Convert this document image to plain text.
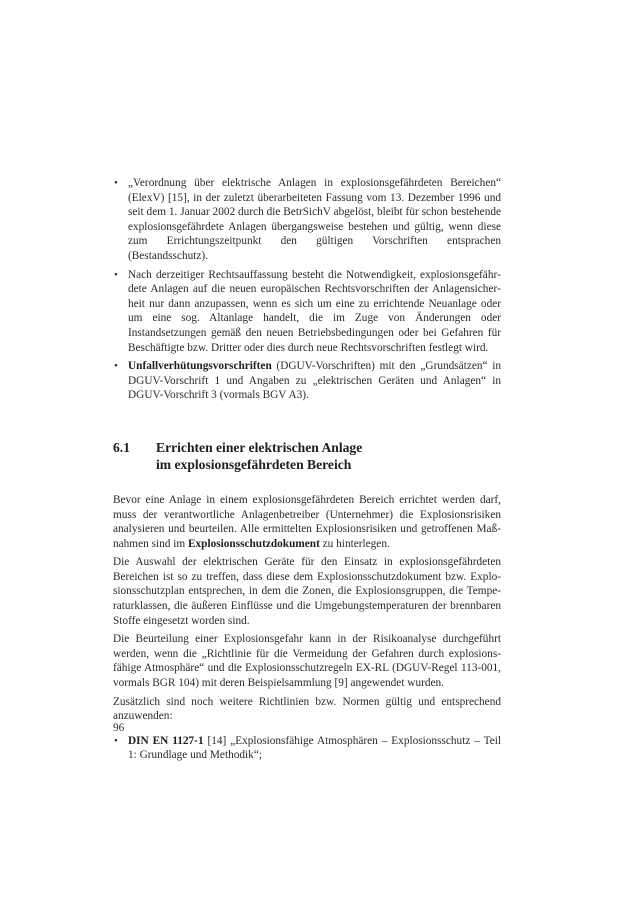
• „Verordnung über elektrische Anlagen in explosionsgefährdeten Bereichen“ (ElexV) [15], in der zuletzt überarbeiteten Fassung vom 13. Dezember 1996 und seit dem 1. Januar 2002 durch die BetrSichV abgelöst, bleibt für schon bestehende explosionsgefährdete Anlagen übergangsweise bestehen und gültig, wenn diese zum Errichtungszeitpunkt den gültigen Vorschriften entsprachen (Bestandsschutz).
• Nach derzeitiger Rechtsauffassung besteht die Notwendigkeit, explosionsgefährdete Anlagen auf die neuen europäischen Rechtsvorschriften der Anlagensicherheit nur dann anzupassen, wenn es sich um eine zu errichtende Neuanlage oder um eine sog. Altanlage handelt, die im Zuge von Änderungen oder Instandsetzungen gemäß den neuen Betriebsbedingungen oder bei Gefahren für Beschäftigte bzw. Dritter oder dies durch neue Rechtsvorschriften festlegt wird.
• Unfallverhütungsvorschriften (DGUV-Vorschriften) mit den „Grundsätzen“ in DGUV-Vorschrift 1 und Angaben zu „elektrischen Geräten und Anlagen“ in DGUV-Vorschrift 3 (vormals BGV A3).
6.1	Errichten einer elektrischen Anlage
im explosionsgefährdeten Bereich

Bevor eine Anlage in einem explosionsgefährdeten Bereich errichtet werden darf, muss der verantwortliche Anlagenbetreiber (Unternehmer) die Explosionsrisiken analysieren und beurteilen. Alle ermittelten Explosionsrisiken und getroffenen Maßnahmen sind im Explosionsschutzdokument zu hinterlegen.

Die Auswahl der elektrischen Geräte für den Einsatz in explosionsgefährdeten Bereichen ist so zu treffen, dass diese dem Explosionsschutzdokument bzw. Explosionsschutzplan entsprechen, in dem die Zonen, die Explosionsgruppen, die Temperaturklassen, die äußeren Einflüsse und die Umgebungstemperaturen der brennbaren Stoffe eingesetzt worden sind.

Die Beurteilung einer Explosionsgefahr kann in der Risikoanalyse durchgeführt werden, wenn die „Richtlinie für die Vermeidung der Gefahren durch explosionsfähige Atmosphäre“ und die Explosionsschutzregeln EX-RL (DGUV-Regel 113-001, vormals BGR 104) mit deren Beispielsammlung [9] angewendet wurden.

Zusätzlich sind noch weitere Richtlinien bzw. Normen gültig und entsprechend anzuwenden:

• DIN EN 1127-1 [14] „Explosionsfähige Atmosphären – Explosionsschutz – Teil 1: Grundlage und Methodik“;
96
